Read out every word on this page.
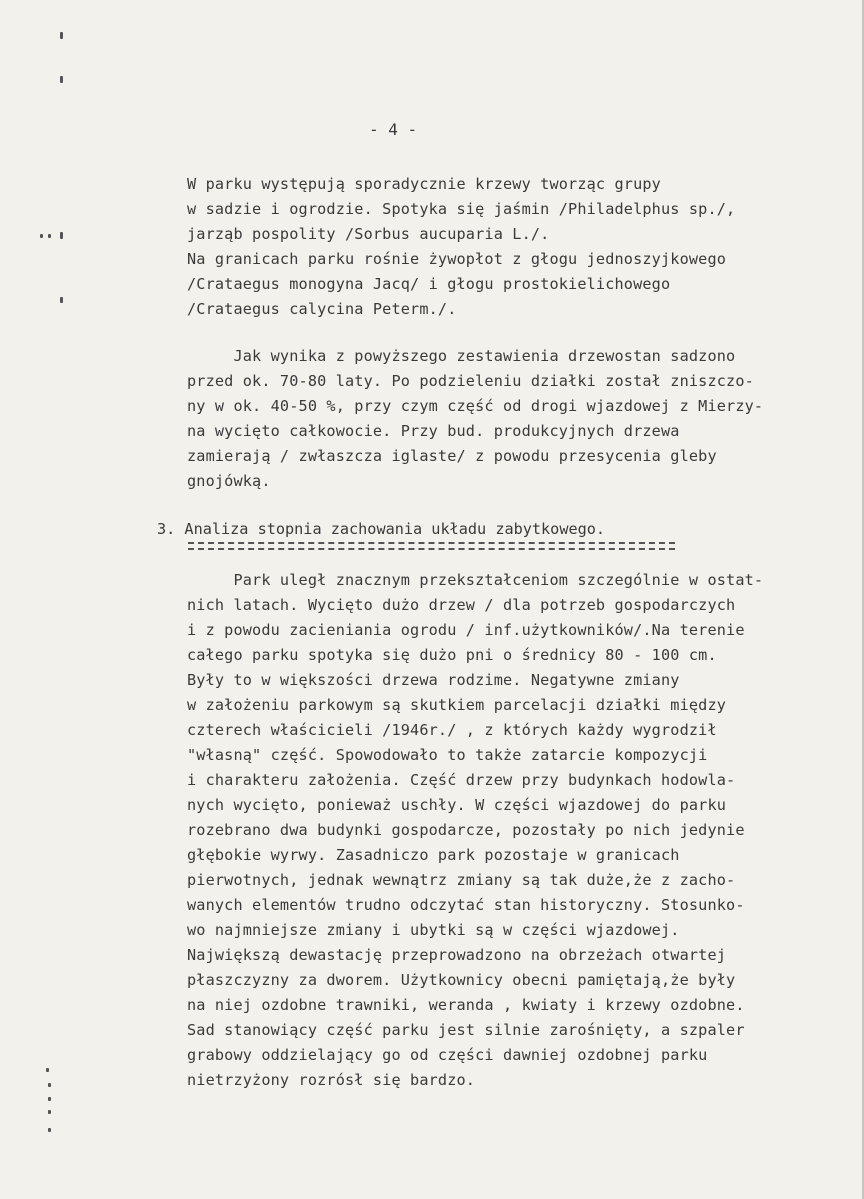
- 4 -
W parku występują sporadycznie krzewy tworząc grupy
w sadzie i ogrodzie. Spotyka się jaśmin /Philadelphus sp./,
jarząb pospolity /Sorbus aucuparia L./.
Na granicach parku rośnie żywopłot z głogu jednoszyjkowego
/Crataegus monogyna Jacq/ i głogu prostokielichowego
/Crataegus calycina Peterm./.
Jak wynika z powyższego zestawienia drzewostan sadzono
przed ok. 70-80 laty. Po podzieleniu działki został zniszczo-
ny w ok. 40-50 %, przy czym część od drogi wjazdowej z Mierzy-
na wycięto całkowocie. Przy bud. produkcyjnych drzewa
zamierają / zwłaszcza iglaste/ z powodu przesycenia gleby
gnojówką.
3. Analiza stopnia zachowania układu zabytkowego.
Park uległ znacznym przekształceniom szczególnie w ostat-
nich latach. Wycięto dużo drzew / dla potrzeb gospodarczych
i z powodu zacieniania ogrodu / inf.użytkowników/.Na terenie
całego parku spotyka się dużo pni o średnicy 80 - 100 cm.
Były to w większości drzewa rodzime. Negatywne zmiany
w założeniu parkowym są skutkiem parcelacji działki między
czterech właścicieli /1946r./ , z których każdy wygrodził
"własną" część. Spowodowało to także zatarcie kompozycji
i charakteru założenia. Część drzew przy budynkach hodowla-
nych wycięto, ponieważ uschły. W części wjazdowej do parku
rozebrano dwa budynki gospodarcze, pozostały po nich jedynie
głębokie wyrwy. Zasadniczo park pozostaje w granicach
pierwotnych, jednak wewnątrz zmiany są tak duże,że z zacho-
wanych elementów trudno odczytać stan historyczny. Stosunko-
wo najmniejsze zmiany i ubytki są w części wjazdowej.
Największą dewastację przeprowadzono na obrzeżach otwartej
płaszczyzny za dworem. Użytkownicy obecni pamiętają,że były
na niej ozdobne trawniki, weranda , kwiaty i krzewy ozdobne.
Sad stanowiący część parku jest silnie zarośnięty, a szpaler
grabowy oddzielający go od części dawniej ozdobnej parku
nietrzyżony rozrósł się bardzo.
